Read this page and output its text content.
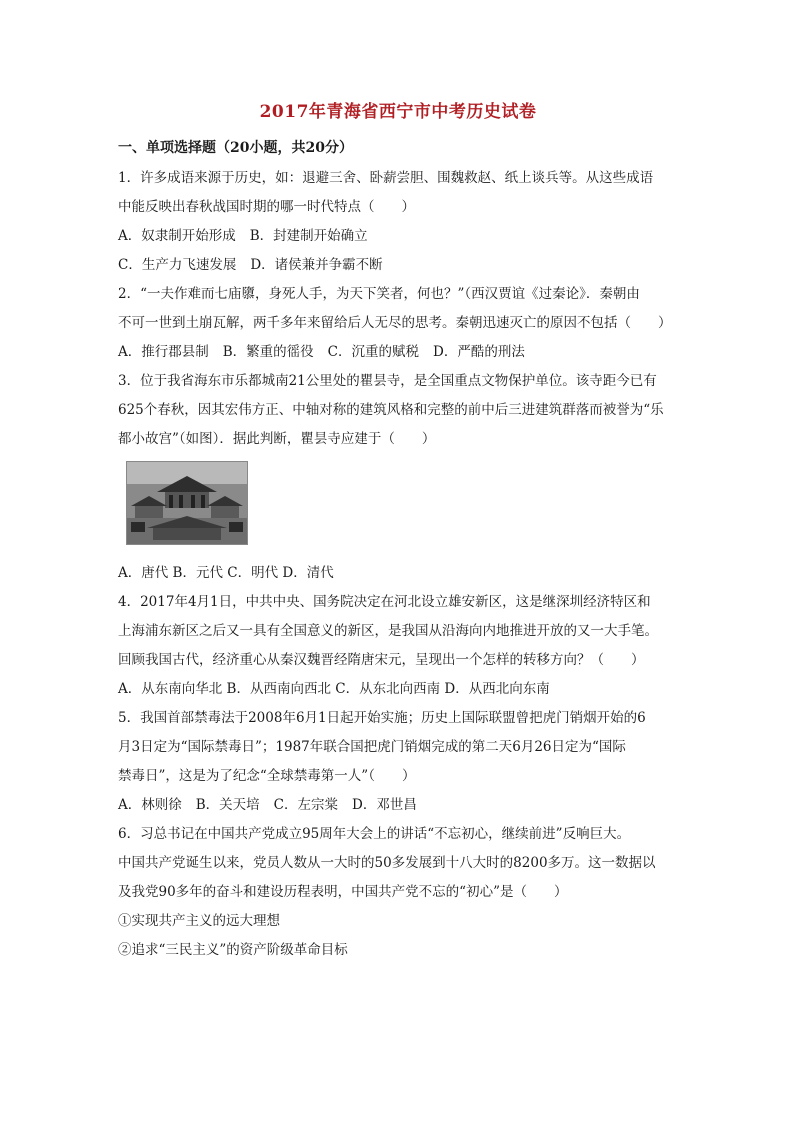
2017年青海省西宁市中考历史试卷
一、单项选择题（20小题，共20分）
1．许多成语来源于历史，如：退避三舍、卧薪尝胆、围魏救赵、纸上谈兵等。从这些成语
中能反映出春秋战国时期的哪一时代特点（　　）
A．奴隶制开始形成 B．封建制开始确立
C．生产力飞速发展 D．诸侯兼并争霸不断
2．“一夫作难而七庙隳，身死人手，为天下笑者，何也？”（西汉贾谊《过秦论》．秦朝由
不可一世到土崩瓦解，两千多年来留给后人无尽的思考。秦朝迅速灭亡的原因不包括（　　）
A．推行郡县制 B．繁重的徭役 C．沉重的赋税 D．严酷的刑法
3．位于我省海东市乐都城南21公里处的瞿昙寺，是全国重点文物保护单位。该寺距今已有
625个春秋，因其宏伟方正、中轴对称的建筑风格和完整的前中后三进建筑群落而被誉为“乐
都小故宫”（如图）．据此判断，瞿昙寺应建于（　　）
A．唐代 B．元代 C．明代 D．清代
4．2017年4月1日，中共中央、国务院决定在河北设立雄安新区，这是继深圳经济特区和
上海浦东新区之后又一具有全国意义的新区，是我国从沿海向内地推进开放的又一大手笔。
回顾我国古代，经济重心从秦汉魏晋经隋唐宋元，呈现出一个怎样的转移方向？（　　）
A．从东南向华北 B．从西南向西北 C．从东北向西南 D．从西北向东南
5．我国首部禁毒法于2008年6月1日起开始实施；历史上国际联盟曾把虎门销烟开始的6
月3日定为“国际禁毒日”；1987年联合国把虎门销烟完成的第二天6月26日定为“国际
禁毒日”，这是为了纪念“全球禁毒第一人”（　　）
A．林则徐 B．关天培 C．左宗棠 D．邓世昌
6．习总书记在中国共产党成立95周年大会上的讲话“不忘初心，继续前进”反响巨大。
中国共产党诞生以来，党员人数从一大时的50多发展到十八大时的8200多万。这一数据以
及我党90多年的奋斗和建设历程表明，中国共产党不忘的“初心”是（　　）
①实现共产主义的远大理想
②追求“三民主义”的资产阶级革命目标
